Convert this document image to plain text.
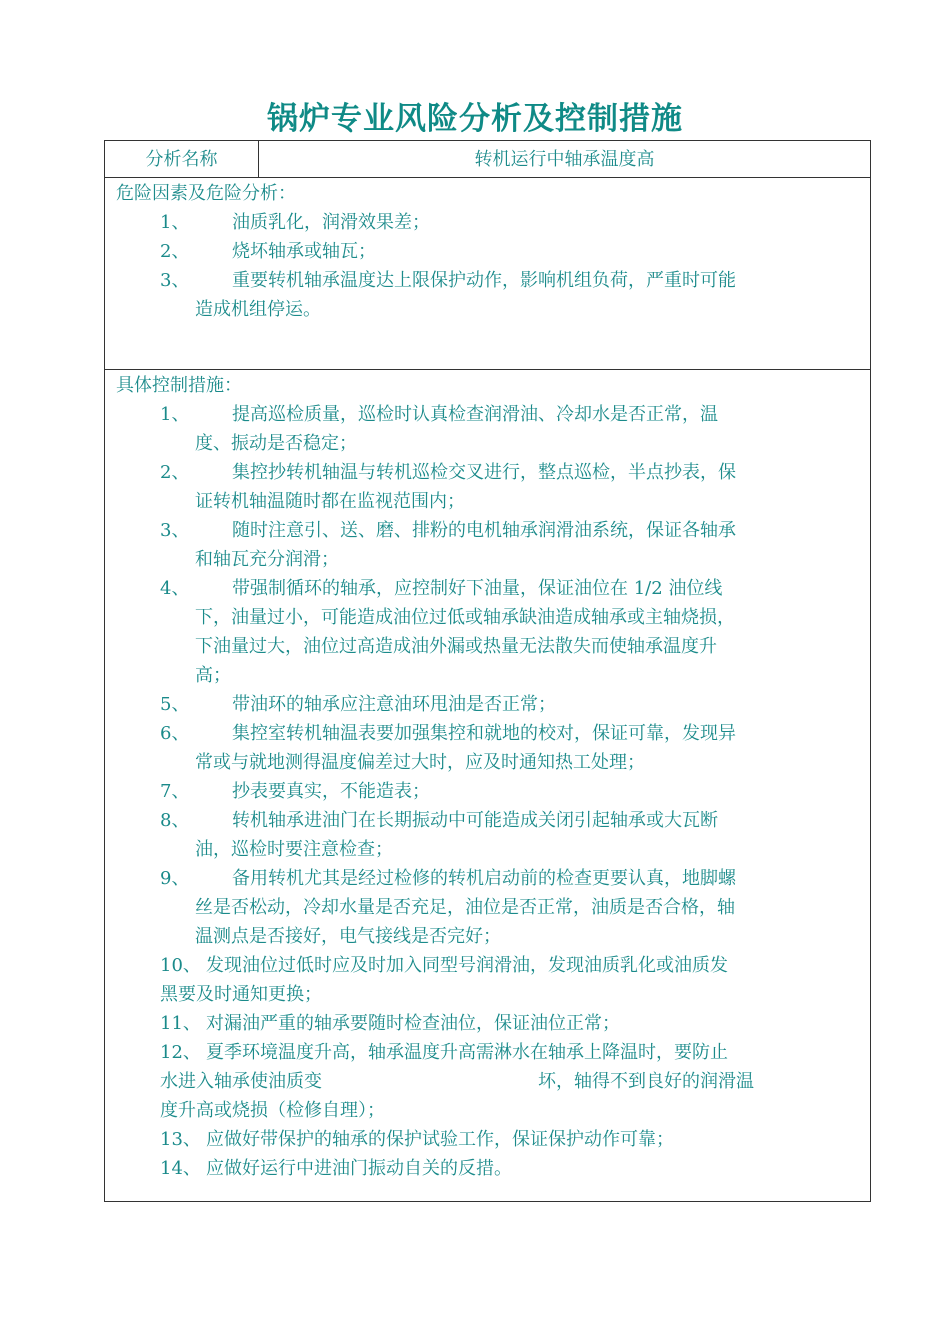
锅炉专业风险分析及控制措施
分析名称	转机运行中轴承温度高
危险因素及危险分析：
1、 油质乳化，润滑效果差；
2、 烧坏轴承或轴瓦；
3、 重要转机轴承温度达上限保护动作，影响机组负荷，严重时可能
造成机组停运。
具体控制措施：
1、 提高巡检质量，巡检时认真检查润滑油、冷却水是否正常，温
度、振动是否稳定；
2、 集控抄转机轴温与转机巡检交叉进行，整点巡检，半点抄表，保
证转机轴温随时都在监视范围内；
3、 随时注意引、送、磨、排粉的电机轴承润滑油系统，保证各轴承
和轴瓦充分润滑；
4、 带强制循环的轴承，应控制好下油量，保证油位在 1/2 油位线
下，油量过小，可能造成油位过低或轴承缺油造成轴承或主轴烧损，
下油量过大，油位过高造成油外漏或热量无法散失而使轴承温度升
高；
5、 带油环的轴承应注意油环甩油是否正常；
6、 集控室转机轴温表要加强集控和就地的校对，保证可靠，发现异
常或与就地测得温度偏差过大时，应及时通知热工处理；
7、 抄表要真实，不能造表；
8、 转机轴承进油门在长期振动中可能造成关闭引起轴承或大瓦断
油，巡检时要注意检查；
9、 备用转机尤其是经过检修的转机启动前的检查更要认真，地脚螺
丝是否松动，冷却水量是否充足，油位是否正常，油质是否合格，轴
温测点是否接好，电气接线是否完好；
10、 发现油位过低时应及时加入同型号润滑油，发现油质乳化或油质发
黑要及时通知更换；
11、 对漏油严重的轴承要随时检查油位，保证油位正常；
12、 夏季环境温度升高，轴承温度升高需淋水在轴承上降温时，要防止
水进入轴承使油质变　　　　　　　　　　　　坏，轴得不到良好的润滑温
度升高或烧损（检修自理）；
13、 应做好带保护的轴承的保护试验工作，保证保护动作可靠；
14、 应做好运行中进油门振动自关的反措。
